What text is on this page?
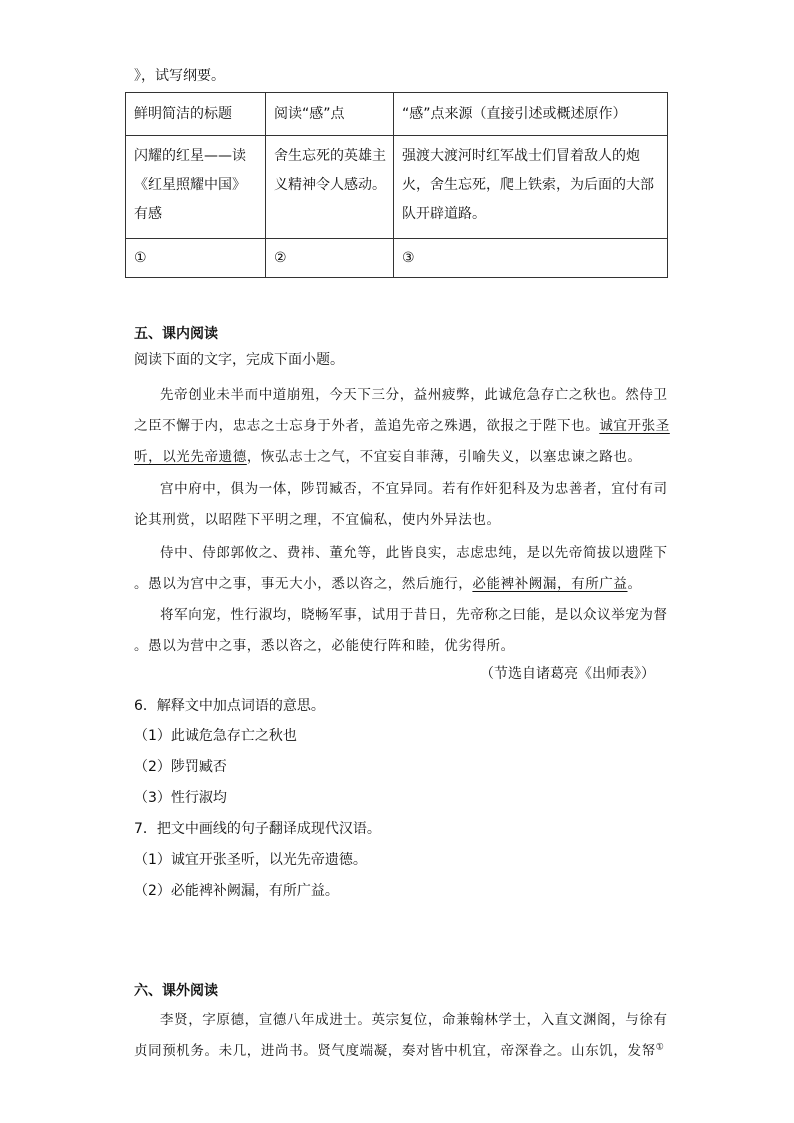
》，试写纲要。
鲜明简洁的标题	阅读“感”点	“感”点来源（直接引述或概述原作）
闪耀的红星——读《红星照耀中国》有感	舍生忘死的英雄主义精神令人感动。	强渡大渡河时红军战士们冒着敌人的炮火，舍生忘死，爬上铁索，为后面的大部队开辟道路。
①	②	③
五、课内阅读
阅读下面的文字，完成下面小题。
先帝创业未半而中道崩殂，今天下三分，益州疲弊，此诚危急存亡之秋也。然侍卫
之臣不懈于内，忠志之士忘身于外者，盖追先帝之殊遇，欲报之于陛下也。诚宜开张圣
听，以光先帝遗德，恢弘志士之气，不宜妄自菲薄，引喻失义，以塞忠谏之路也。
宫中府中，俱为一体，陟罚臧否，不宜异同。若有作奸犯科及为忠善者，宜付有司
论其刑赏，以昭陛下平明之理，不宜偏私，使内外异法也。
侍中、侍郎郭攸之、费祎、董允等，此皆良实，志虑忠纯，是以先帝简拔以遗陛下
。愚以为宫中之事，事无大小，悉以咨之，然后施行，必能裨补阙漏，有所广益。
将军向宠，性行淑均，晓畅军事，试用于昔日，先帝称之曰能，是以众议举宠为督
。愚以为营中之事，悉以咨之，必能使行阵和睦，优劣得所。
（节选自诸葛亮《出师表》）
6．解释文中加点词语的意思。
（1）此诚危急存亡之秋也
（2）陟罚臧否
（3）性行淑均
7．把文中画线的句子翻译成现代汉语。
（1）诚宜开张圣听，以光先帝遗德。
（2）必能裨补阙漏，有所广益。
六、课外阅读
李贤，字原德，宣德八年成进士。英宗复位，命兼翰林学士，入直文渊阁，与徐有
贞同预机务。未几，进尚书。贤气度端凝，奏对皆中机宜，帝深眷之。山东饥，发帑①
